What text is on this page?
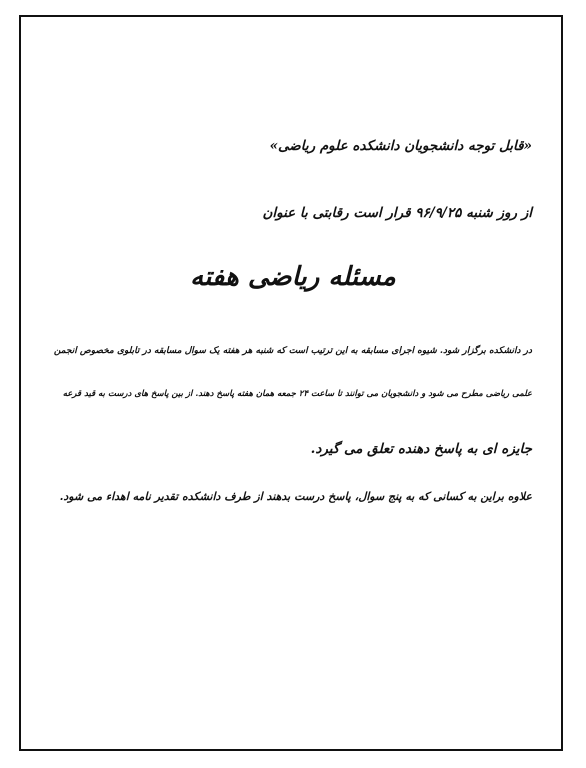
«قابل توجه دانشجویان دانشکده علوم ریاضی»
از روز شنبه ۹۶/۹/۲۵ قرار است رقابتی با عنوان
مسئله ریاضی هفته
در دانشکده برگزار شود. شیوه اجرای مسابقه به این ترتیب است که شنبه هر هفته یک سوال مسابقه در تابلوی مخصوص انجمن
علمی ریاضی مطرح می شود و دانشجویان می توانند تا ساعت ۲۴ جمعه همان هفته پاسخ دهند. از بین پاسخ های درست به قید قرعه
جایزه ای به پاسخ دهنده تعلق می گیرد.
علاوه براین به کسانی که به پنج سوال، پاسخ درست بدهند از طرف دانشکده تقدیر نامه اهداء می شود.
